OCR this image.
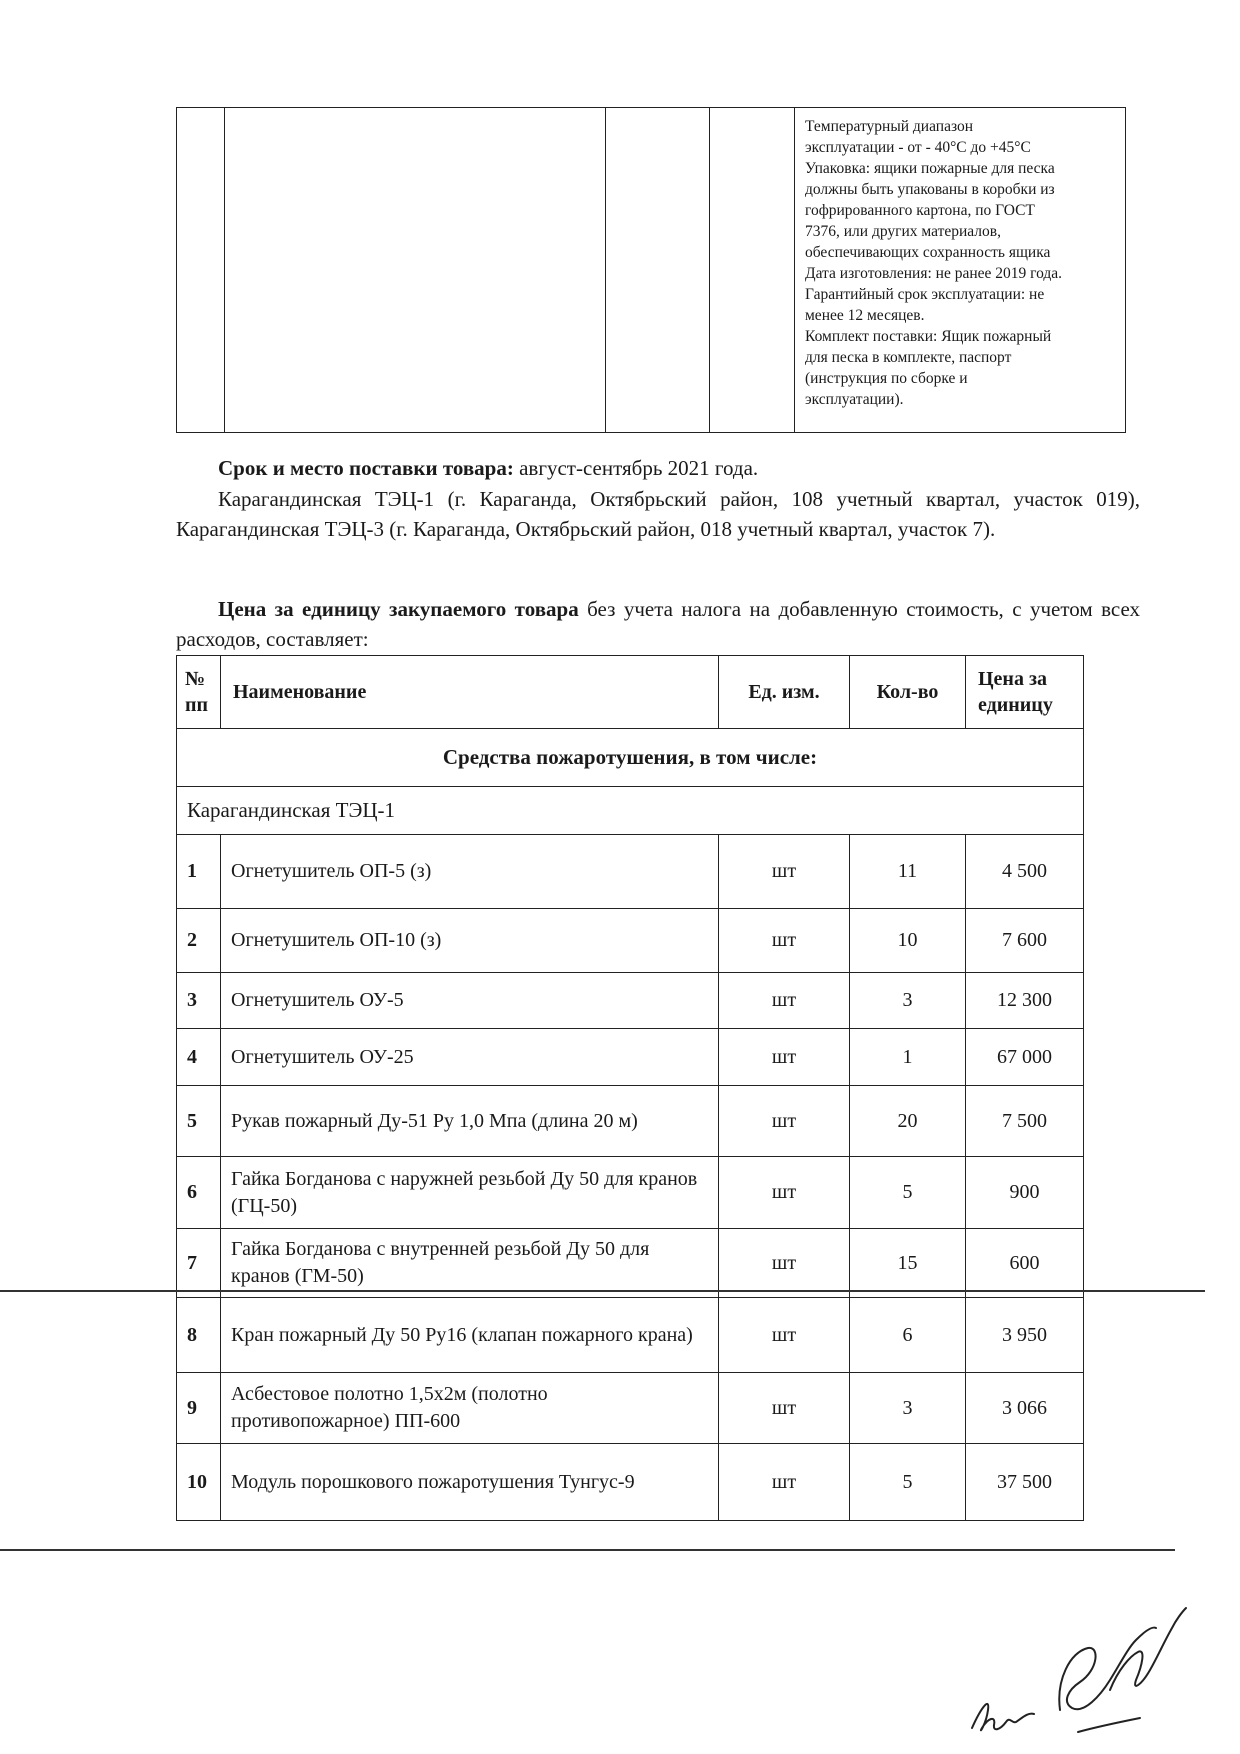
Температурный диапазон
эксплуатации - от - 40°С до +45°С
Упаковка: ящики пожарные для песка
должны быть упакованы в коробки из
гофрированного картона, по ГОСТ
7376, или других материалов,
обеспечивающих сохранность ящика
Дата изготовления: не ранее 2019 года.
Гарантийный срок эксплуатации: не
менее 12 месяцев.
Комплект поставки: Ящик пожарный
для песка в комплекте, паспорт
(инструкция по сборке и
эксплуатации).

Срок и место поставки товара: август-сентябрь 2021 года.

Карагандинская ТЭЦ-1 (г. Караганда, Октябрьский район, 108 учетный квартал, участок 019), Карагандинская ТЭЦ-3 (г. Караганда, Октябрьский район, 018 учетный квартал, участок 7).

Цена за единицу закупаемого товара без учета налога на добавленную стоимость, с учетом всех расходов, составляет:

№ пп	Наименование	Ед. изм.	Кол-во	Цена за единицу
Средства пожаротушения, в том числе:				
Карагандинская ТЭЦ-1				
1	Огнетушитель ОП-5 (з)	шт	11	4 500
2	Огнетушитель ОП-10 (з)	шт	10	7 600
3	Огнетушитель ОУ-5	шт	3	12 300
4	Огнетушитель ОУ-25	шт	1	67 000
5	Рукав пожарный Ду-51 Ру 1,0 Мпа (длина 20 м)	шт	20	7 500
6	Гайка Богданова с наружней резьбой Ду 50 для кранов (ГЦ-50)	шт	5	900
7	Гайка Богданова с внутренней резьбой Ду 50 для кранов (ГМ-50)	шт	15	600
8	Кран пожарный Ду 50 Ру16 (клапан пожарного крана)	шт	6	3 950
9	Асбестовое полотно 1,5х2м (полотно противопожарное) ПП-600	шт	3	3 066
10	Модуль порошкового пожаротушения Тунгус-9	шт	5	37 500
